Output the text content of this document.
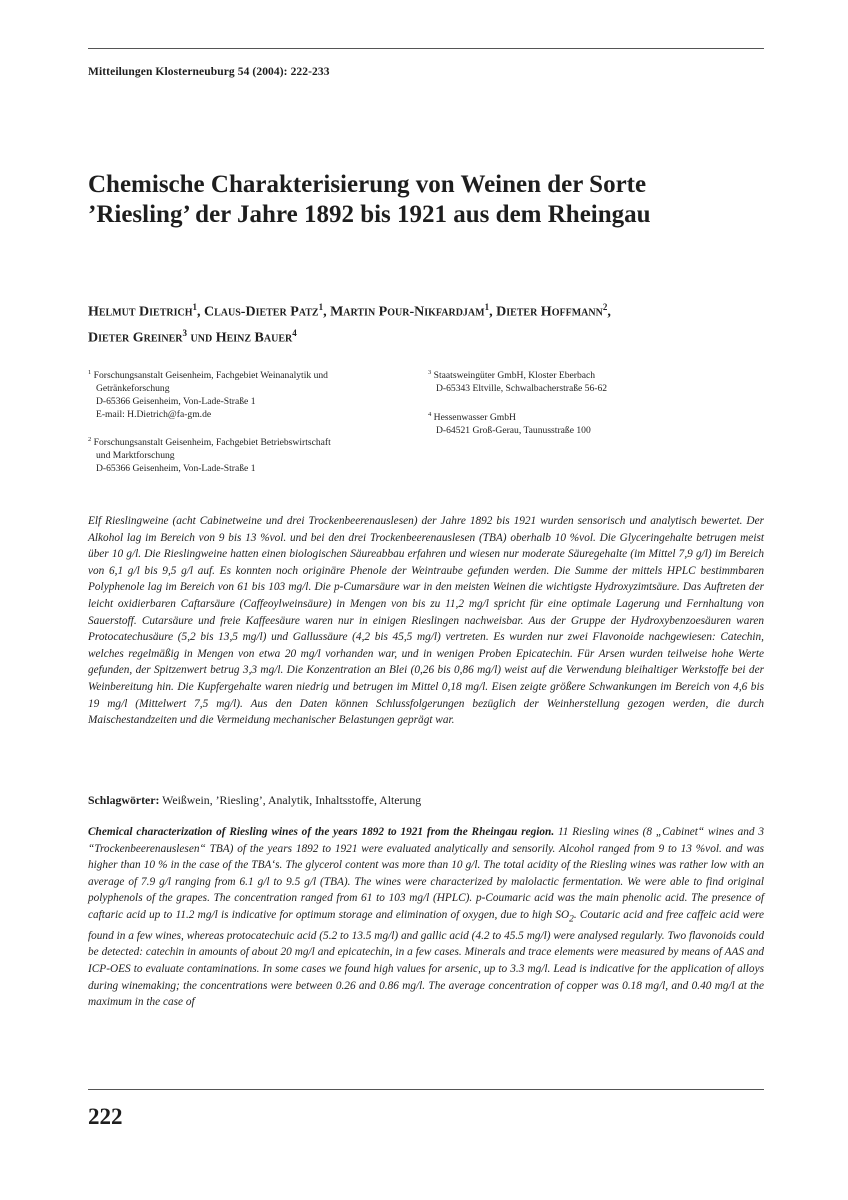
Mitteilungen Klosterneuburg 54 (2004): 222-233
Chemische Charakterisierung von Weinen der Sorte
’Riesling’ der Jahre 1892 bis 1921 aus dem Rheingau
Helmut Dietrich$^1$, Claus-Dieter Patz$^1$, Martin Pour-Nikfardjam$^1$, Dieter Hoffmann$^2$,
Dieter Greiner$^3$ und Heinz Bauer$^4$
$^1$ Forschungsanstalt Geisenheim, Fachgebiet Weinanalytik und
Getränkeforschung
D-65366 Geisenheim, Von-Lade-Straße 1
E-mail: H.Dietrich@fa-gm.de
$^2$ Forschungsanstalt Geisenheim, Fachgebiet Betriebswirtschaft
und Marktforschung
D-65366 Geisenheim, Von-Lade-Straße 1
$^3$ Staatsweingüter GmbH, Kloster Eberbach
D-65343 Eltville, Schwalbacherstraße 56-62
$^4$ Hessenwasser GmbH
D-64521 Groß-Gerau, Taunusstraße 100
Elf Rieslingweine (acht Cabinetweine und drei Trockenbeerenauslesen) der Jahre 1892 bis 1921 wurden sensorisch und analytisch bewertet. Der Alkohol lag im Bereich von 9 bis 13 %vol. und bei den drei Trockenbeerenauslesen (TBA) oberhalb 10 %vol. Die Glyceringehalte betrugen meist über 10 g/l. Die Rieslingweine hatten einen biologischen Säureabbau erfahren und wiesen nur moderate Säuregehalte (im Mittel 7,9 g/l) im Bereich von 6,1 g/l bis 9,5 g/l auf. Es konnten noch originäre Phenole der Weintraube gefunden werden. Die Summe der mittels HPLC bestimmbaren Polyphenole lag im Bereich von 61 bis 103 mg/l. Die p-Cumarsäure war in den meisten Weinen die wichtigste Hydroxyzimtsäure. Das Auftreten der leicht oxidierbaren Caftarsäure (Caffeoylweinsäure) in Mengen von bis zu 11,2 mg/l spricht für eine optimale Lagerung und Fernhaltung von Sauerstoff. Cutarsäure und freie Kaffeesäure waren nur in einigen Rieslingen nachweisbar. Aus der Gruppe der Hydroxybenzoesäuren waren Protocatechusäure (5,2 bis 13,5 mg/l) und Gallussäure (4,2 bis 45,5 mg/l) vertreten. Es wurden nur zwei Flavonoide nachgewiesen: Catechin, welches regelmäßig in Mengen von etwa 20 mg/l vorhanden war, und in wenigen Proben Epicatechin. Für Arsen wurden teilweise hohe Werte gefunden, der Spitzenwert betrug 3,3 mg/l. Die Konzentration an Blei (0,26 bis 0,86 mg/l) weist auf die Verwendung bleihaltiger Werkstoffe bei der Weinbereitung hin. Die Kupfergehalte waren niedrig und betrugen im Mittel 0,18 mg/l. Eisen zeigte größere Schwankungen im Bereich von 4,6 bis 19 mg/l (Mittelwert 7,5 mg/l). Aus den Daten können Schlussfolgerungen bezüglich der Weinherstellung gezogen werden, die durch Maischestandzeiten und die Vermeidung mechanischer Belastungen geprägt war.
Schlagwörter: Weißwein, ’Riesling’, Analytik, Inhaltsstoffe, Alterung
Chemical characterization of Riesling wines of the years 1892 to 1921 from the Rheingau region. 11 Riesling wines (8 „Cabinet“ wines and 3 “Trockenbeerenauslesen“ TBA) of the years 1892 to 1921 were evaluated analytically and sensorily. Alcohol ranged from 9 to 13 %vol. and was higher than 10 % in the case of the TBA‘s. The glycerol content was more than 10 g/l. The total acidity of the Riesling wines was rather low with an average of 7.9 g/l ranging from 6.1 g/l to 9.5 g/l (TBA). The wines were characterized by malolactic fermentation. We were able to find original polyphenols of the grapes. The concentration ranged from 61 to 103 mg/l (HPLC). p-Coumaric acid was the main phenolic acid. The presence of caftaric acid up to 11.2 mg/l is indicative for optimum storage and elimination of oxygen, due to high $SO_2$. Coutaric acid and free caffeic acid were found in a few wines, whereas protocatechuic acid (5.2 to 13.5 mg/l) and gallic acid (4.2 to 45.5 mg/l) were analysed regularly. Two flavonoids could be detected: catechin in amounts of about 20 mg/l and epicatechin, in a few cases. Minerals and trace elements were measured by means of AAS and ICP-OES to evaluate contaminations. In some cases we found high values for arsenic, up to 3.3 mg/l. Lead is indicative for the application of alloys during winemaking; the concentrations were between 0.26 and 0.86 mg/l. The average concentration of copper was 0.18 mg/l, and 0.40 mg/l at the maximum in the case of
222
